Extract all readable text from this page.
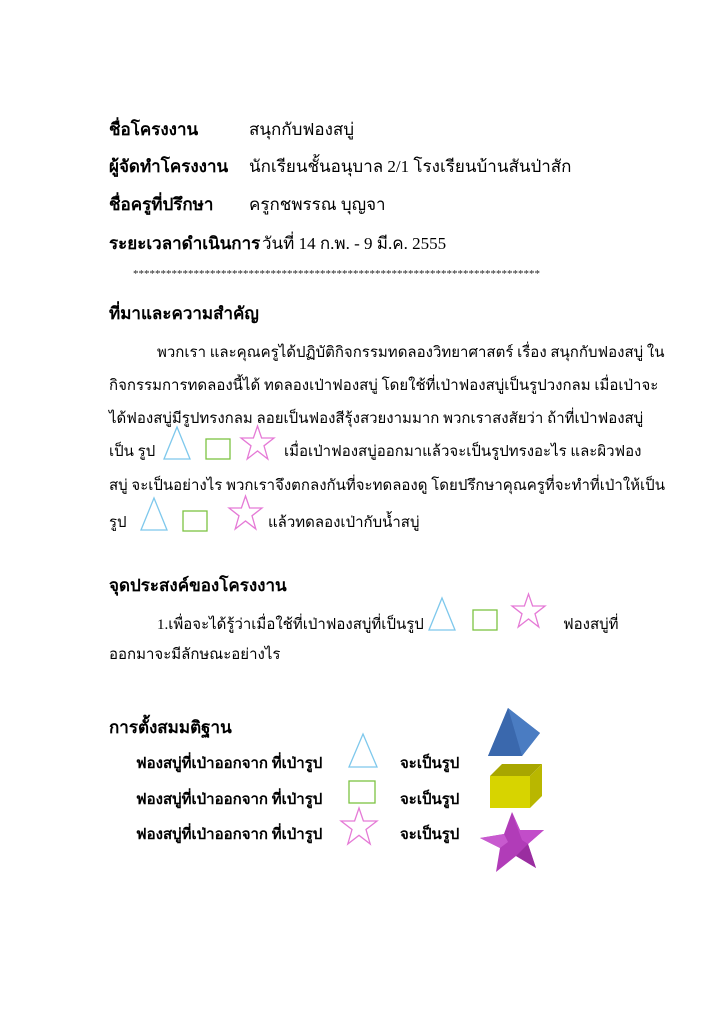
ชื่อโครงงาน	สนุกกับฟองสบู่
ผู้จัดทำโครงงาน นักเรียนชั้นอนุบาล 2/1 โรงเรียนบ้านสันป่าสัก
ชื่อครูที่ปรึกษา ครูกชพรรณ บุญจา
ระยะเวลาดำเนินการ วันที่ 14 ก.พ. - 9 มี.ค. 2555
**************************************************************************
ที่มาและความสำคัญ
พวกเรา และคุณครูได้ปฏิบัติกิจกรรมทดลองวิทยาศาสตร์ เรื่อง สนุกกับฟองสบู่ ใน
กิจกรรมการทดลองนี้ได้ ทดลองเป่าฟองสบู่ โดยใช้ที่เป่าฟองสบู่เป็นรูปวงกลม เมื่อเป่าจะ
ได้ฟองสบู่มีรูปทรงกลม ลอยเป็นฟองสีรุ้งสวยงามมาก พวกเราสงสัยว่า ถ้าที่เป่าฟองสบู่
เป็น รูป	เมื่อเป่าฟองสบู่ออกมาแล้วจะเป็นรูปทรงอะไร และผิวฟอง
สบู่ จะเป็นอย่างไร พวกเราจึงตกลงกันที่จะทดลองดู โดยปรึกษาคุณครูที่จะทำที่เป่าให้เป็น
รูป	แล้วทดลองเป่ากับน้ำสบู่
จุดประสงค์ของโครงงาน
1.เพื่อจะได้รู้ว่าเมื่อใช้ที่เป่าฟองสบู่ที่เป็นรูป	ฟองสบู่ที่
ออกมาจะมีลักษณะอย่างไร
การตั้งสมมติฐาน
ฟองสบู่ที่เป่าออกจาก ที่เป่ารูป	จะเป็นรูป
ฟองสบู่ที่เป่าออกจาก ที่เป่ารูป	จะเป็นรูป
ฟองสบู่ที่เป่าออกจาก ที่เป่ารูป	จะเป็นรูป
